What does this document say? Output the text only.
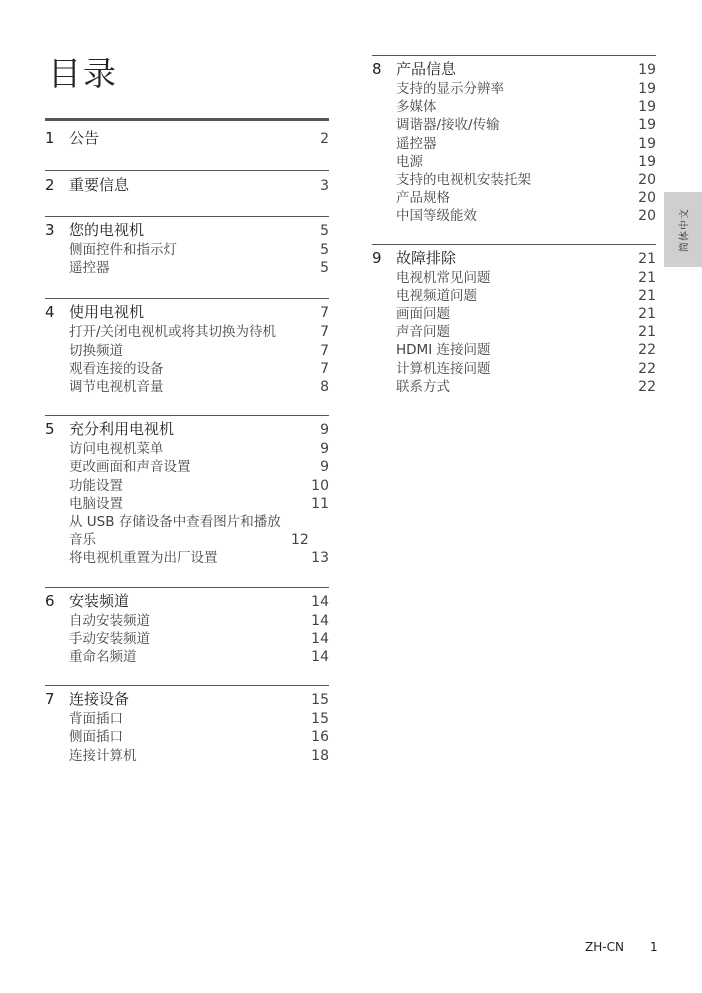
目录
1 公告	2
2 重要信息	3
3 您的电视机	5
侧面控件和指示灯	5
遥控器	5
4 使用电视机	7
打开/关闭电视机或将其切换为待机	7
切换频道	7
观看连接的设备	7
调节电视机音量	8
5 充分利用电视机	9
访问电视机菜单	9
更改画面和声音设置	9
功能设置	10
电脑设置	11
从 USB 存储设备中查看图片和播放音乐	12
将电视机重置为出厂设置	13
6 安装频道	14
自动安装频道	14
手动安装频道	14
重命名频道	14
7 连接设备	15
背面插口	15
侧面插口	16
连接计算机	18
8 产品信息	19
支持的显示分辨率	19
多媒体	19
调谐器/接收/传输	19
遥控器	19
电源	19
支持的电视机安装托架	20
产品规格	20
中国等级能效	20
9 故障排除	21
电视机常见问题	21
电视频道问题	21
画面问题	21
声音问题	21
HDMI 连接问题	22
计算机连接问题	22
联系方式	22
简体中文
ZH-CN 1
